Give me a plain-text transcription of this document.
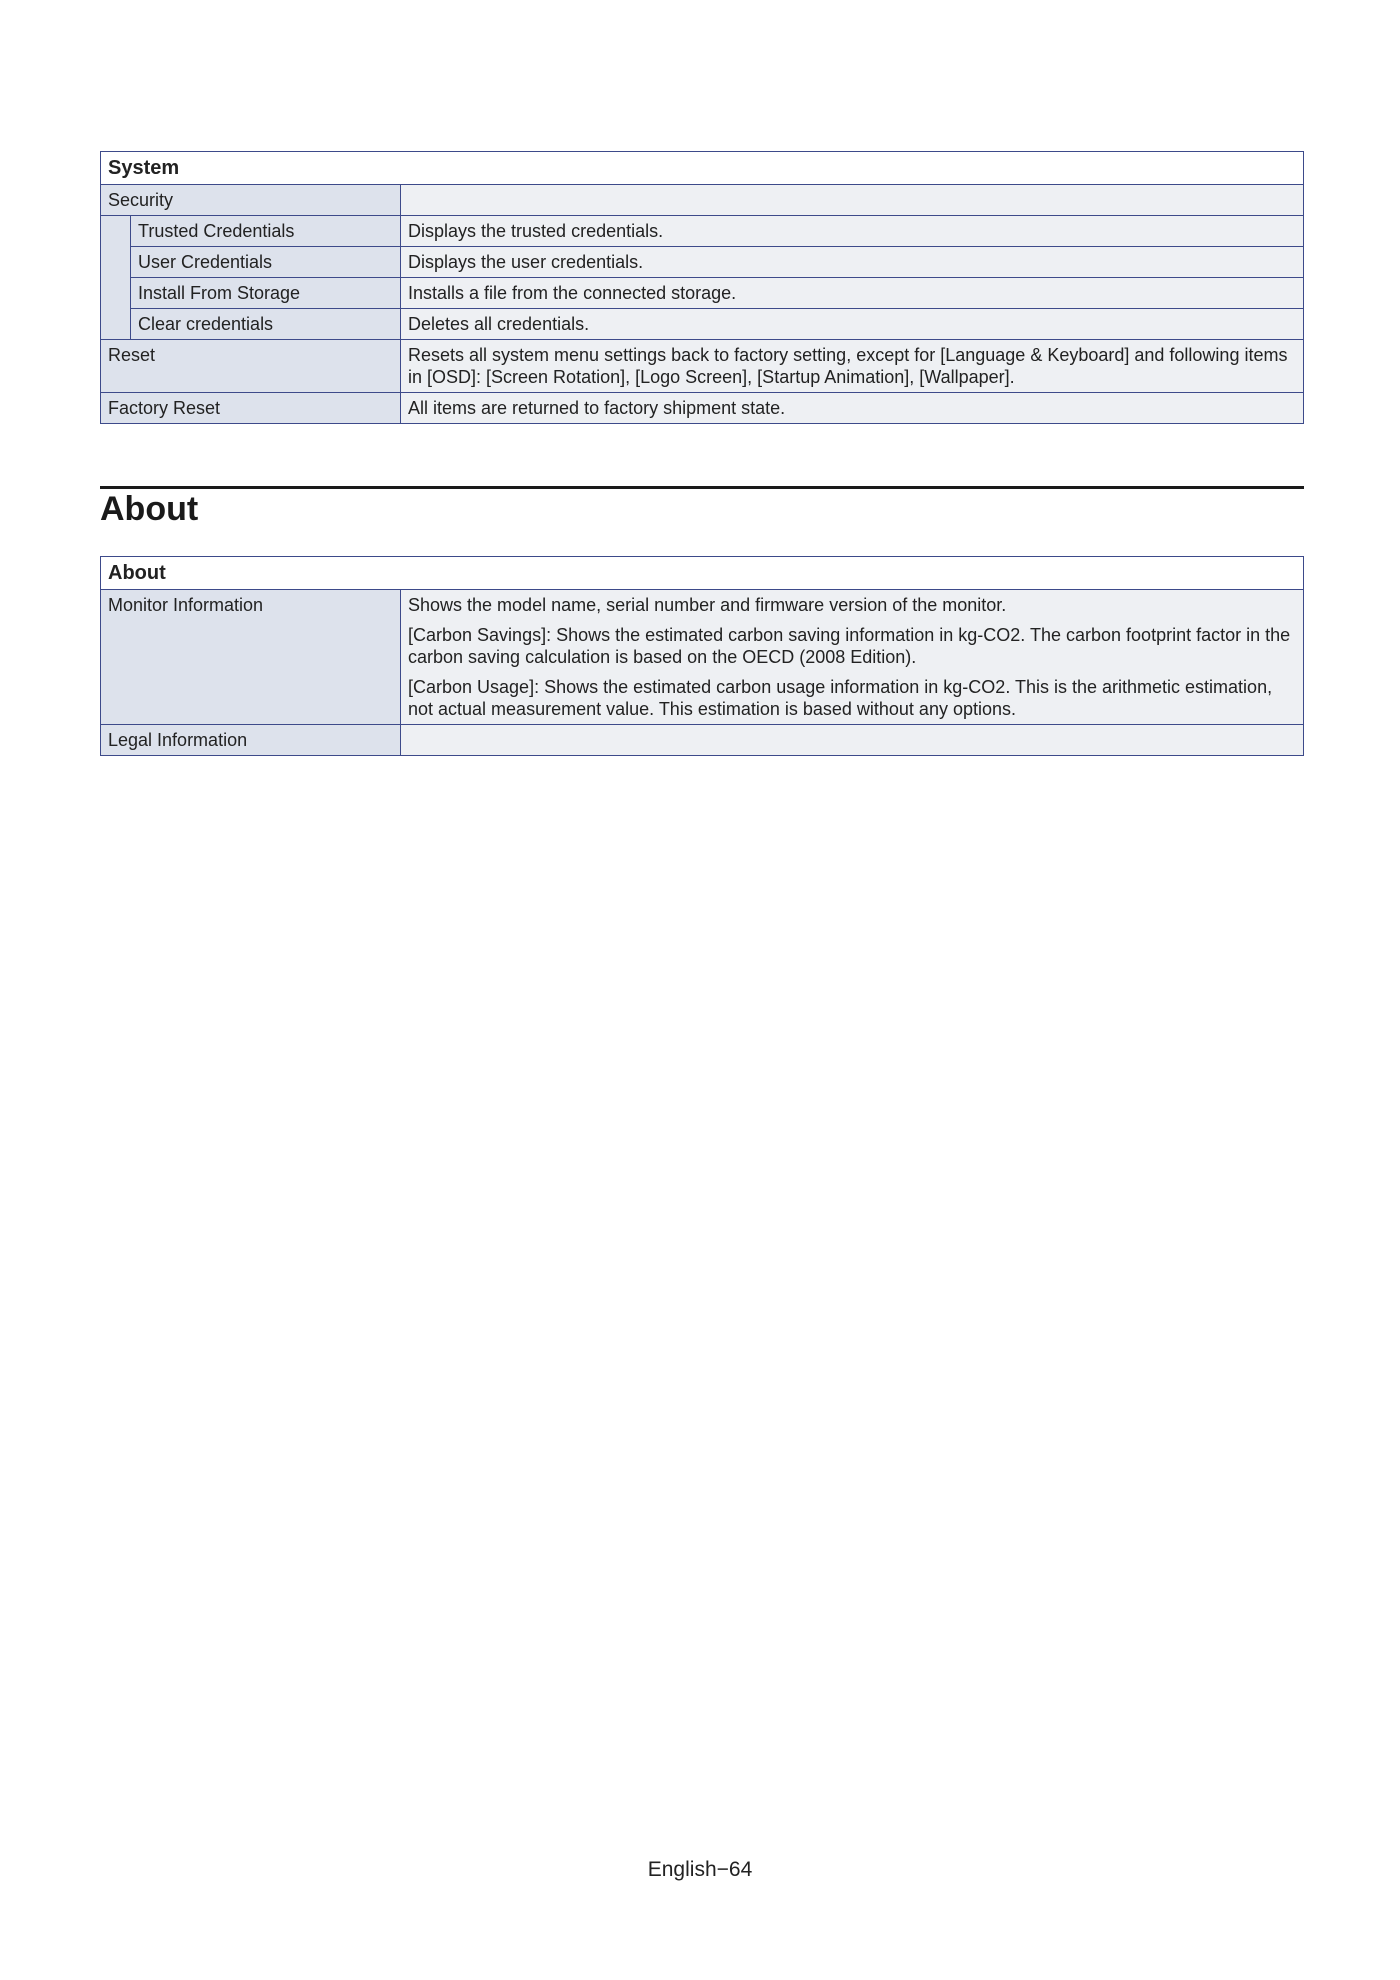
System		
Security		
	Trusted Credentials	Displays the trusted credentials.
	User Credentials	Displays the user credentials.
	Install From Storage	Installs a file from the connected storage.
	Clear credentials	Deletes all credentials.
Reset		Resets all system menu settings back to factory setting, except for [Language & Keyboard] and following items in [OSD]: [Screen Rotation], [Logo Screen], [Startup Animation], [Wallpaper].
Factory Reset		All items are returned to factory shipment state.
About
About	
Monitor Information	Shows the model name, serial number and firmware version of the monitor.

[Carbon Savings]: Shows the estimated carbon saving information in kg-CO2. The carbon footprint factor in the carbon saving calculation is based on the OECD (2008 Edition).

[Carbon Usage]: Shows the estimated carbon usage information in kg-CO2. This is the arithmetic estimation, not actual measurement value. This estimation is based without any options.

Legal Information	
English−64
